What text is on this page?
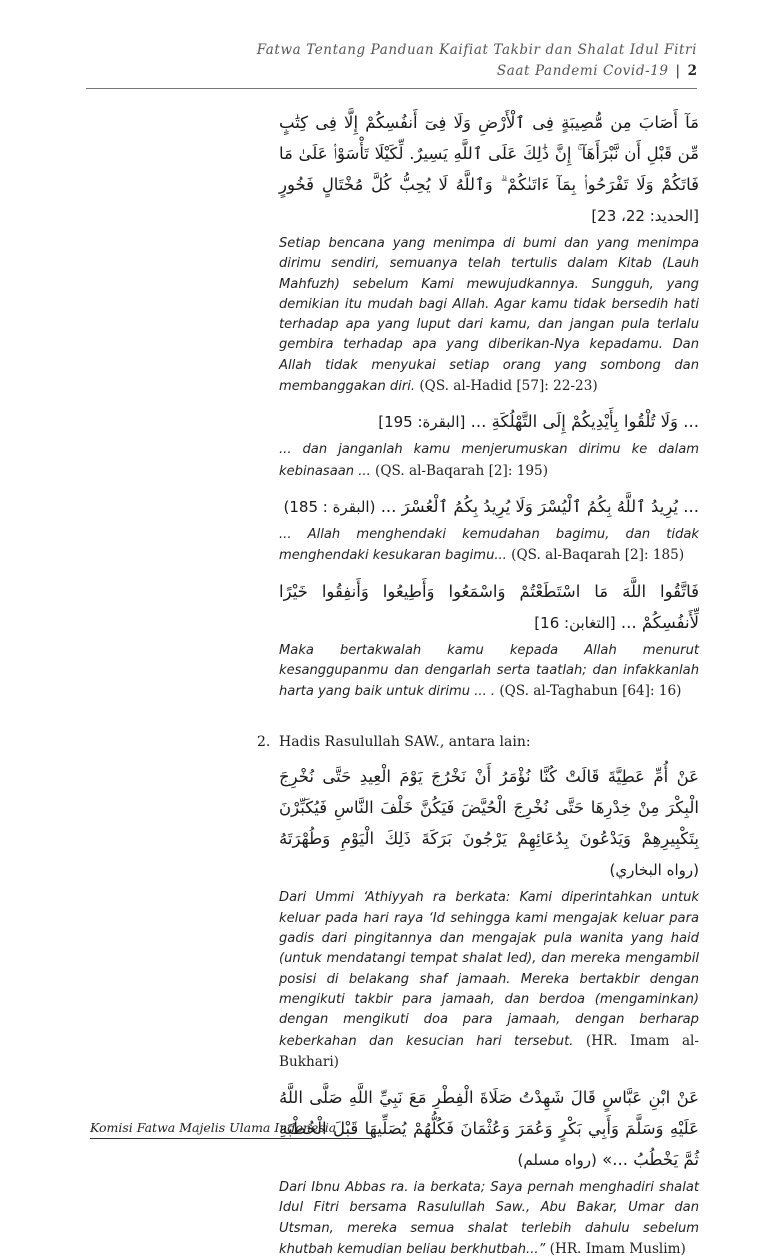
Fatwa Tentang Panduan Kaifiat Takbir dan Shalat Idul Fitri
Saat Pandemi Covid-19 | 2
مَآ أَصَابَ مِن مُّصِيبَةٍ فِى ٱلْأَرْضِ وَلَا فِىٓ أَنفُسِكُمْ إِلَّا فِى كِتَٰبٍ مِّن قَبْلِ أَن نَّبْرَأَهَآ ۚ إِنَّ ذَٰلِكَ عَلَى ٱللَّهِ يَسِيرٌ. لِّكَيْلَا تَأْسَوْا۟ عَلَىٰ مَا فَاتَكُمْ وَلَا تَفْرَحُوا۟ بِمَآ ءَاتَىٰكُمْ ۗ وَٱللَّهُ لَا يُحِبُّ كُلَّ مُخْتَالٍ فَخُورٍ [الحديد: 22، 23]

Setiap bencana yang menimpa di bumi dan yang menimpa dirimu sendiri, semuanya telah tertulis dalam Kitab (Lauh Mahfuzh) sebelum Kami mewujudkannya. Sungguh, yang demikian itu mudah bagi Allah. Agar kamu tidak bersedih hati terhadap apa yang luput dari kamu, dan jangan pula terlalu gembira terhadap apa yang diberikan-Nya kepadamu. Dan Allah tidak menyukai setiap orang yang sombong dan membanggakan diri. (QS. al-Hadid [57]: 22-23)

... وَلَا تُلْقُوا بِأَيْدِيكُمْ إِلَى التَّهْلُكَةِ ... [البقرة: 195]

... dan janganlah kamu menjerumuskan dirimu ke dalam kebinasaan ... (QS. al-Baqarah [2]: 195)

... يُرِيدُ ٱللَّهُ بِكُمُ ٱلْيُسْرَ وَلَا يُرِيدُ بِكُمُ ٱلْعُسْرَ ... (البقرة : 185)

... Allah menghendaki kemudahan bagimu, dan tidak menghendaki kesukaran bagimu... (QS. al-Baqarah [2]: 185)

فَاتَّقُوا اللَّهَ مَا اسْتَطَعْتُمْ وَاسْمَعُوا وَأَطِيعُوا وَأَنفِقُوا خَيْرًا لِّأَنفُسِكُمْ ... [التغابن: 16]

Maka bertakwalah kamu kepada Allah menurut kesanggupanmu dan dengarlah serta taatlah; dan infakkanlah harta yang baik untuk dirimu ... . (QS. al-Taghabun [64]: 16)

2. Hadis Rasulullah SAW., antara lain:
عَنْ أُمِّ عَطِيَّةَ قَالَتْ كُنَّا نُؤْمَرُ أَنْ نَخْرُجَ يَوْمَ الْعِيدِ حَتَّى نُخْرِجَ الْبِكْرَ مِنْ خِدْرِهَا حَتَّى نُخْرِجَ الْحُيَّضَ فَيَكُنَّ خَلْفَ النَّاسِ فَيُكَبِّرْنَ بِتَكْبِيرِهِمْ وَيَدْعُونَ بِدُعَائِهِمْ يَرْجُونَ بَرَكَةَ ذَلِكَ الْيَوْمِ وَطُهْرَتَهُ (رواه البخاري)

Dari Ummi ‘Athiyyah ra berkata: Kami diperintahkan untuk keluar pada hari raya ‘Id sehingga kami mengajak keluar para gadis dari pingitannya dan mengajak pula wanita yang haid (untuk mendatangi tempat shalat Ied), dan mereka mengambil posisi di belakang shaf jamaah. Mereka bertakbir dengan mengikuti takbir para jamaah, dan berdoa (mengaminkan) dengan mengikuti doa para jamaah, dengan berharap keberkahan dan kesucian hari tersebut. (HR. Imam al-Bukhari)

عَنْ ابْنِ عَبَّاسٍ قَالَ شَهِدْتُ صَلَاةَ الْفِطْرِ مَعَ نَبِيِّ اللَّهِ صَلَّى اللَّهُ عَلَيْهِ وَسَلَّمَ وَأَبِي بَكْرٍ وَعُمَرَ وَعُثْمَانَ فَكُلُّهُمْ يُصَلِّيهَا قَبْلَ الْخُطْبَةِ ثُمَّ يَخْطُبُ ...» (رواه مسلم)

Dari Ibnu Abbas ra. ia berkata; Saya pernah menghadiri shalat Idul Fitri bersama Rasulullah Saw., Abu Bakar, Umar dan Utsman, mereka semua shalat terlebih dahulu sebelum khutbah kemudian beliau berkhutbah...” (HR. Imam Muslim)

Komisi Fatwa Majelis Ulama Indonesia
